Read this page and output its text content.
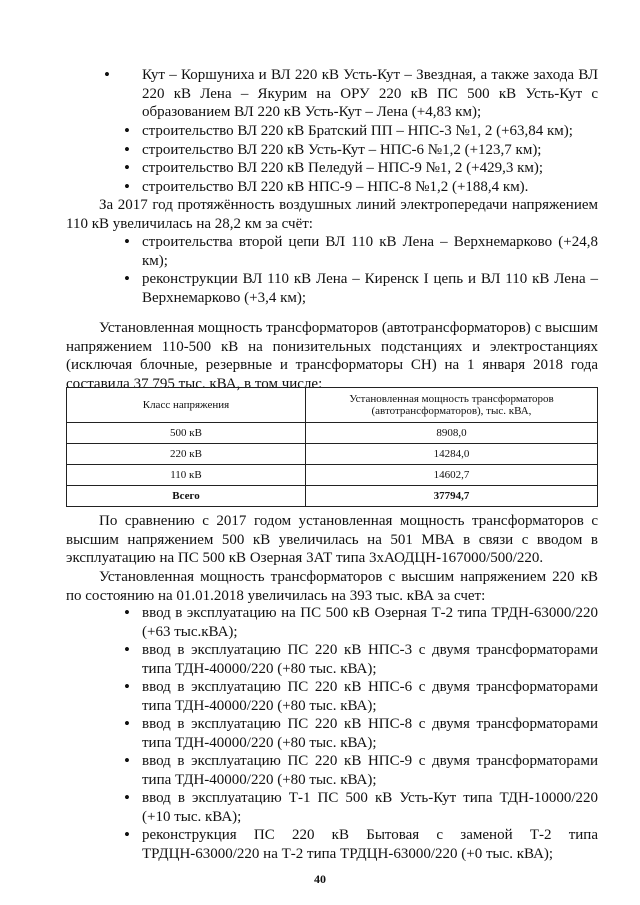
• Кут – Коршуниха и ВЛ 220 кВ Усть-Кут – Звездная, а также захода ВЛ 220 кВ Лена – Якурим на ОРУ 220 кВ ПС 500 кВ Усть-Кут с образованием ВЛ 220 кВ Усть-Кут – Лена (+4,83 км);
• строительство ВЛ 220 кВ Братский ПП – НПС-3 №1, 2 (+63,84 км);
• строительство ВЛ 220 кВ Усть-Кут – НПС-6 №1,2 (+123,7 км);
• строительство ВЛ 220 кВ Пеледуй – НПС-9 №1, 2 (+429,3 км);
• строительство ВЛ 220 кВ НПС-9 – НПС-8 №1,2 (+188,4 км).

За 2017 год протяжённость воздушных линий электропередачи напряжением 110 кВ увеличилась на 28,2 км за счёт:

• строительства второй цепи ВЛ 110 кВ Лена – Верхнемарково (+24,8 км);
• реконструкции ВЛ 110 кВ Лена – Киренск I цепь и ВЛ 110 кВ Лена – Верхнемарково (+3,4 км);

Установленная мощность трансформаторов (автотрансформаторов) с высшим напряжением 110-500 кВ на понизительных подстанциях и электростанциях (исключая блочные, резервные и трансформаторы СН) на 1 января 2018 года составила 37 795 тыс. кВА, в том числе:

Класс напряжения	Установленная мощность трансформаторов (автотрансформаторов), тыс. кВА,
500 кВ	8908,0
220 кВ	14284,0
110 кВ	14602,7
Всего	37794,7

По сравнению с 2017 годом установленная мощность трансформаторов с высшим напряжением 500 кВ увеличилась на 501 МВА в связи с вводом в эксплуатацию на ПС 500 кВ Озерная 3АТ типа 3хАОДЦН-167000/500/220.

Установленная мощность трансформаторов с высшим напряжением 220 кВ по состоянию на 01.01.2018 увеличилась на 393 тыс. кВА за счет:

• ввод в эксплуатацию на ПС 500 кВ Озерная Т-2 типа ТРДН-63000/220 (+63 тыс.кВА);
• ввод в эксплуатацию ПС 220 кВ НПС-3 с двумя трансформаторами типа ТДН-40000/220 (+80 тыс. кВА);
• ввод в эксплуатацию ПС 220 кВ НПС-6 с двумя трансформаторами типа ТДН-40000/220 (+80 тыс. кВА);
• ввод в эксплуатацию ПС 220 кВ НПС-8 с двумя трансформаторами типа ТДН-40000/220 (+80 тыс. кВА);
• ввод в эксплуатацию ПС 220 кВ НПС-9 с двумя трансформаторами типа ТДН-40000/220 (+80 тыс. кВА);
• ввод в эксплуатацию Т-1 ПС 500 кВ Усть-Кут типа ТДН-10000/220 (+10 тыс. кВА);
• реконструкция ПС 220 кВ Бытовая с заменой Т-2 типа ТРДЦН-63000/220 на Т-2 типа ТРДЦН-63000/220 (+0 тыс. кВА);
40
